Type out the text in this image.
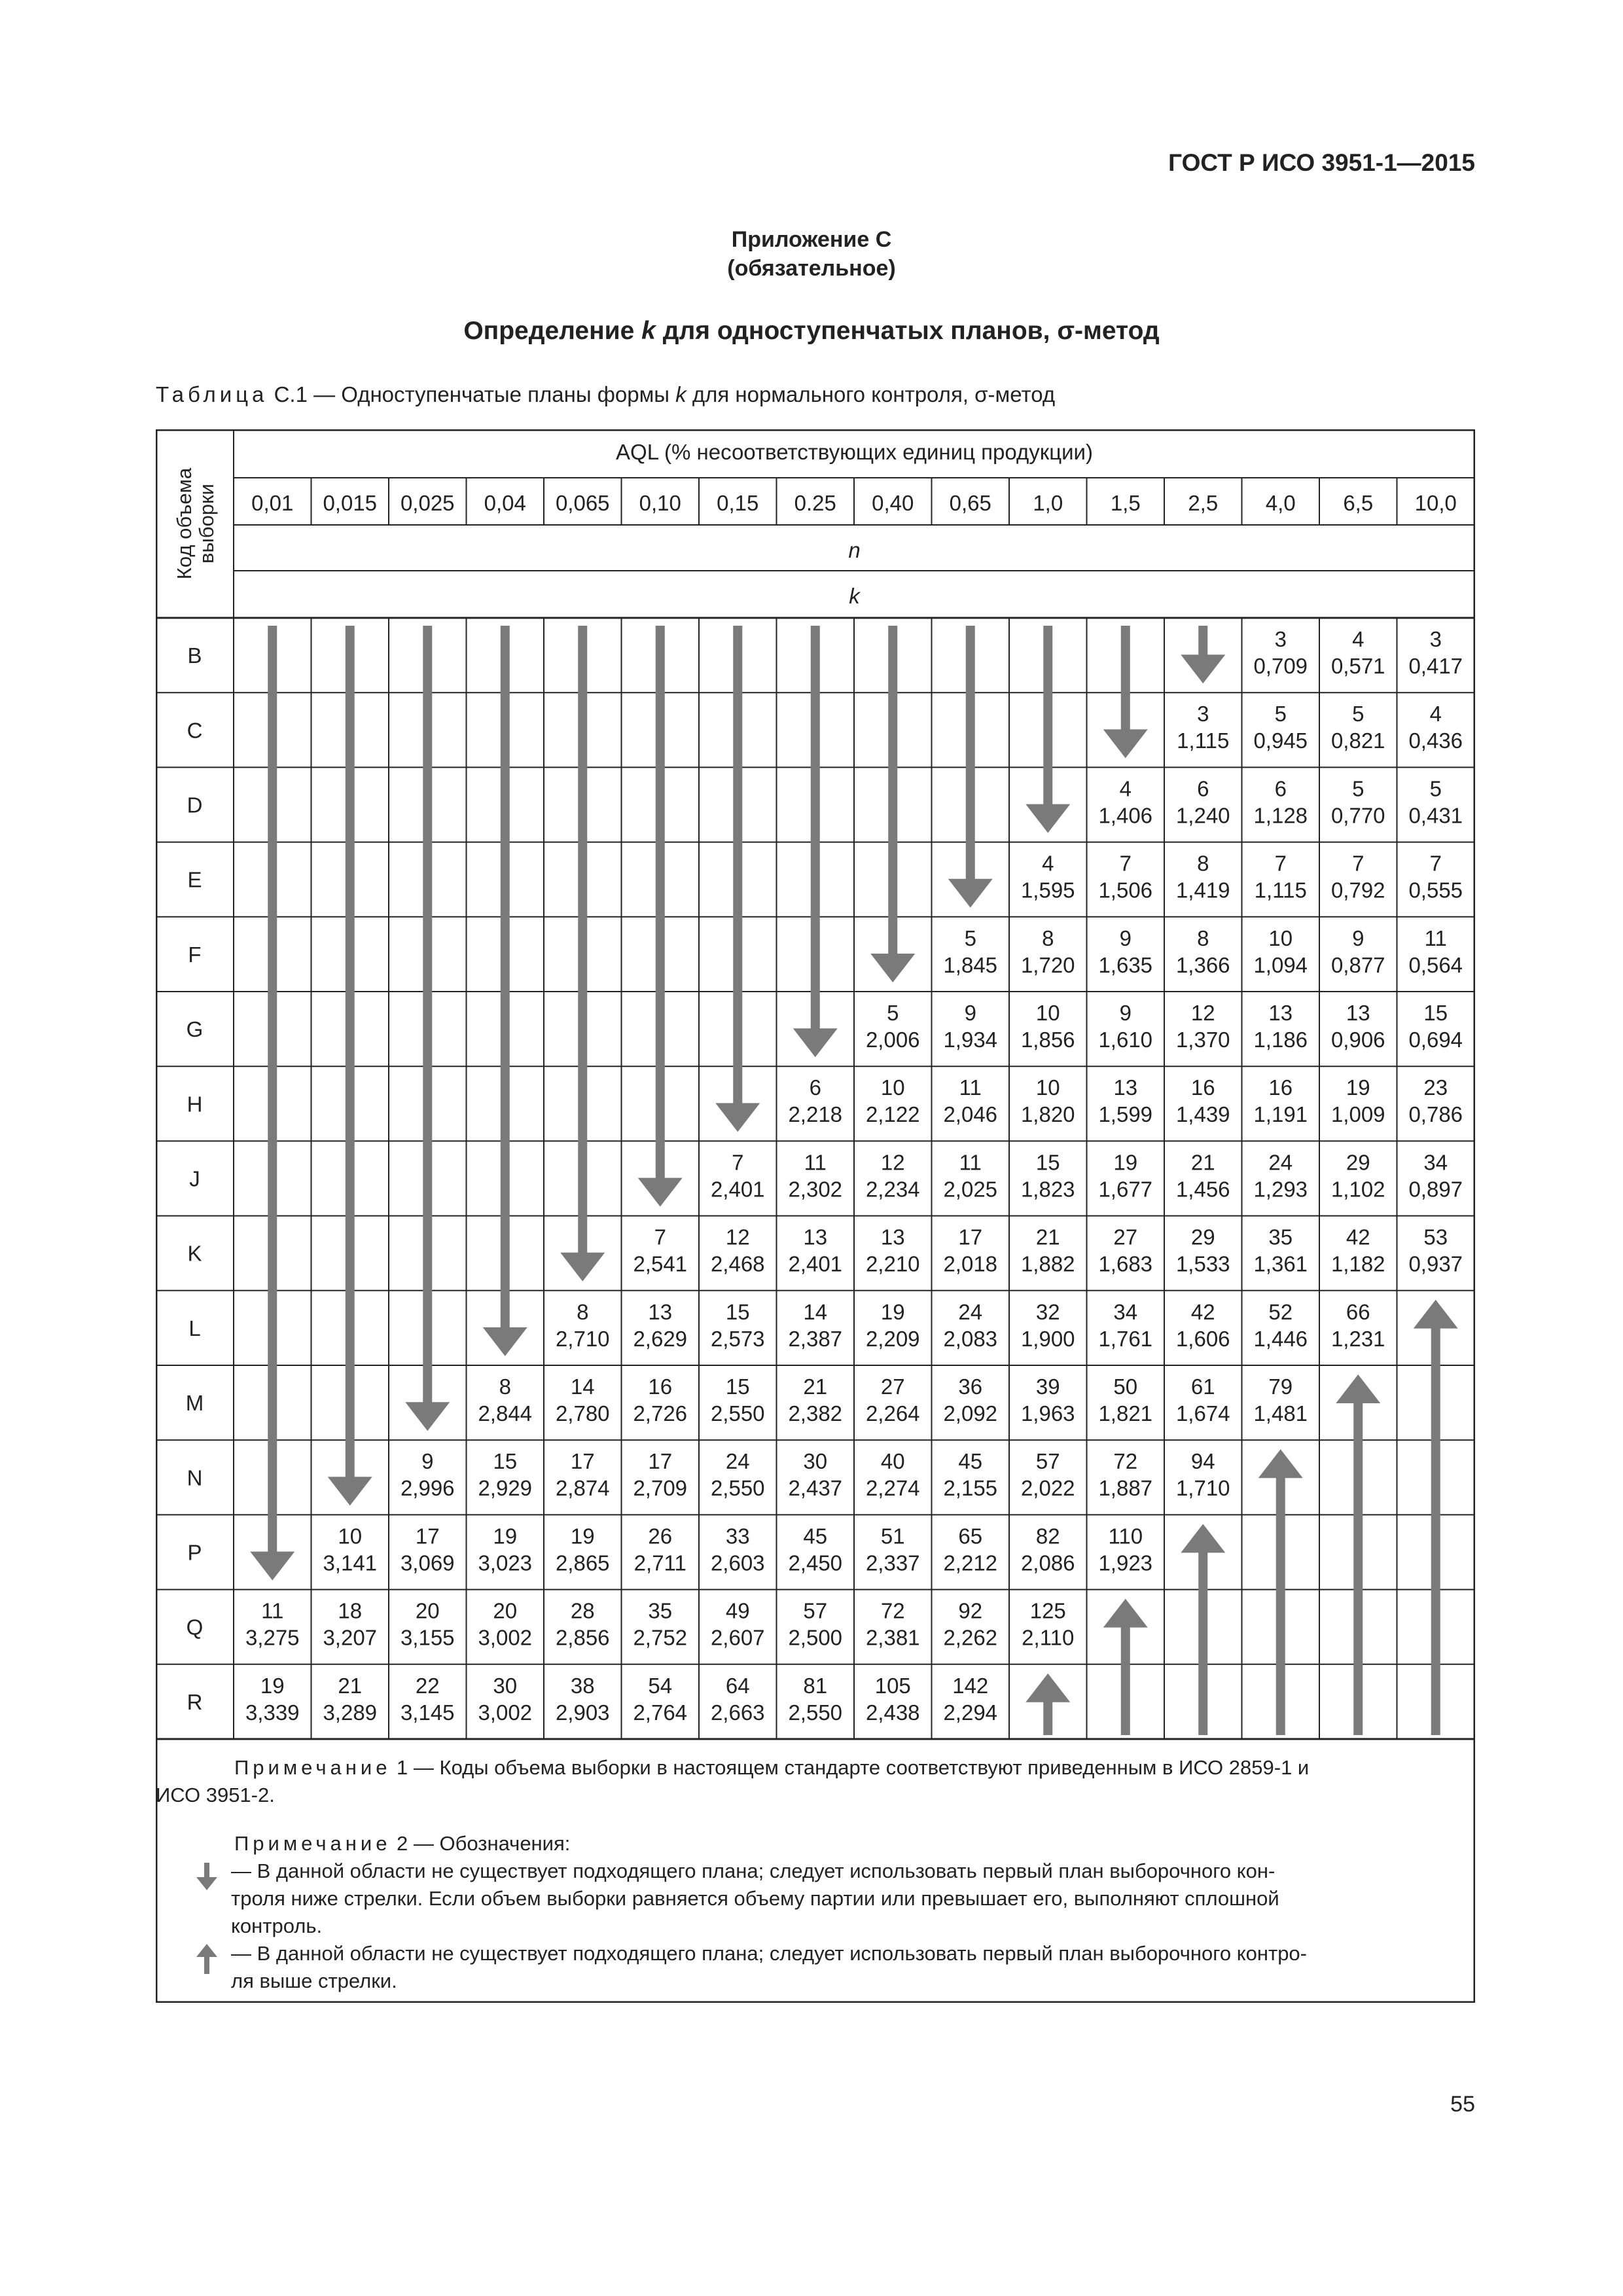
ГОСТ Р ИСО 3951-1—2015
Приложение С
(обязательное)
Определение k для одноступенчатых планов, σ-метод
Таблица С.1 — Одноступенчатые планы формы k для нормального контроля, σ-метод
AQL (% несоответствующих единиц продукции)
0,01 0,015 0,025 0,04 0,065 0,10 0,15 0.25 0,40 0,65 1,0 1,5 2,5 4,0 6,5 10,0
n
k
Код объема выборки
B
3
0,709
4
0,571
3
0,417
C
3
1,115
5
0,945
5
0,821
4
0,436
D
4
1,406
6
1,240
6
1,128
5
0,770
5
0,431
E
4
1,595
7
1,506
8
1,419
7
1,115
7
0,792
7
0,555
F
5
1,845
8
1,720
9
1,635
8
1,366
10
1,094
9
0,877
11
0,564
G
5
2,006
9
1,934
10
1,856
9
1,610
12
1,370
13
1,186
13
0,906
15
0,694
H
6
2,218
10
2,122
11
2,046
10
1,820
13
1,599
16
1,439
16
1,191
19
1,009
23
0,786
J
7
2,401
11
2,302
12
2,234
11
2,025
15
1,823
19
1,677
21
1,456
24
1,293
29
1,102
34
0,897
K
7
2,541
12
2,468
13
2,401
13
2,210
17
2,018
21
1,882
27
1,683
29
1,533
35
1,361
42
1,182
53
0,937
L
8
2,710
13
2,629
15
2,573
14
2,387
19
2,209
24
2,083
32
1,900
34
1,761
42
1,606
52
1,446
66
1,231
M
8
2,844
14
2,780
16
2,726
15
2,550
21
2,382
27
2,264
36
2,092
39
1,963
50
1,821
61
1,674
79
1,481
N
9
2,996
15
2,929
17
2,874
17
2,709
24
2,550
30
2,437
40
2,274
45
2,155
57
2,022
72
1,887
94
1,710
P
10
3,141
17
3,069
19
3,023
19
2,865
26
2,711
33
2,603
45
2,450
51
2,337
65
2,212
82
2,086
110
1,923
Q
11
3,275
18
3,207
20
3,155
20
3,002
28
2,856
35
2,752
49
2,607
57
2,500
72
2,381
92
2,262
125
2,110
R
19
3,339
21
3,289
22
3,145
30
3,002
38
2,903
54
2,764
64
2,663
81
2,550
105
2,438
142
2,294
Примечание 1 — Коды объема выборки в настоящем стандарте соответствуют приведенным в ИСО 2859-1 и
ИСО 3951-2.
Примечание 2 — Обозначения:
— В данной области не существует подходящего плана; следует использовать первый план выборочного кон-
троля ниже стрелки. Если объем выборки равняется объему партии или превышает его, выполняют сплошной
контроль.
— В данной области не существует подходящего плана; следует использовать первый план выборочного контро-
ля выше стрелки.
55
